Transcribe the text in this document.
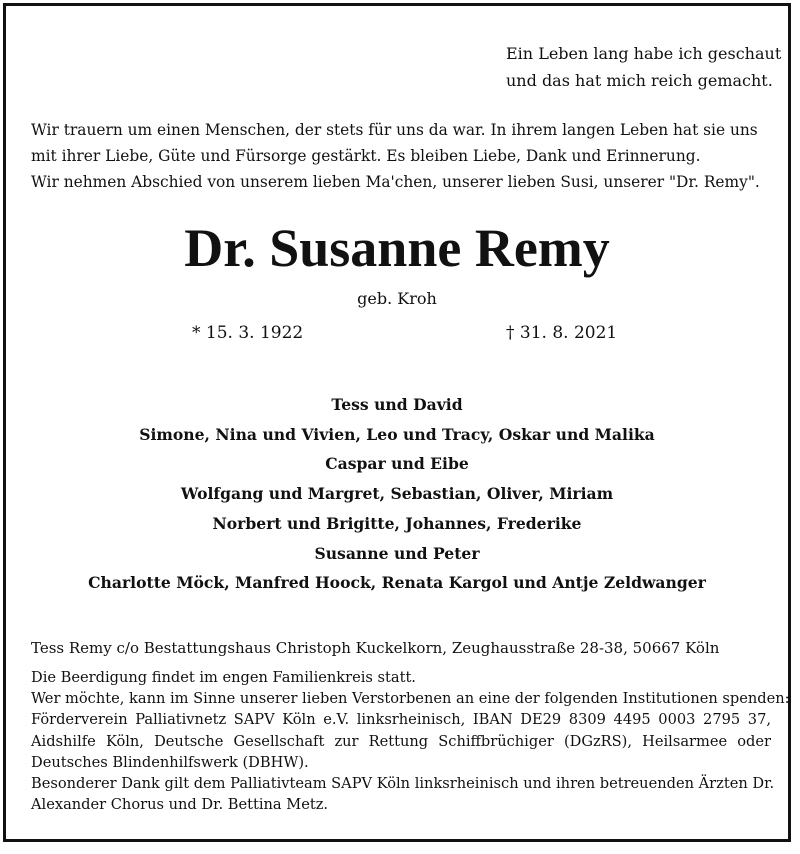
Ein Leben lang habe ich geschaut
und das hat mich reich gemacht.
Wir trauern um einen Menschen, der stets für uns da war. In ihrem langen Leben hat sie uns
mit ihrer Liebe, Güte und Fürsorge gestärkt. Es bleiben Liebe, Dank und Erinnerung.
Wir nehmen Abschied von unserem lieben Ma'chen, unserer lieben Susi, unserer "Dr. Remy".
Dr. Susanne Remy
geb. Kroh
* 15. 3. 1922	† 31. 8. 2021
Tess und David
Simone, Nina und Vivien, Leo und Tracy, Oskar und Malika
Caspar und Eibe
Wolfgang und Margret, Sebastian, Oliver, Miriam
Norbert und Brigitte, Johannes, Frederike
Susanne und Peter
Charlotte Möck, Manfred Hoock, Renata Kargol und Antje Zeldwanger
Tess Remy c/o Bestattungshaus Christoph Kuckelkorn, Zeughausstraße 28-38, 50667 Köln
Die Beerdigung findet im engen Familienkreis statt.
Wer möchte, kann im Sinne unserer lieben Verstorbenen an eine der folgenden Institutionen spenden:
Förderverein Palliativnetz SAPV Köln e.V. linksrheinisch, IBAN DE29 8309 4495 0003 2795 37,
Aidshilfe Köln, Deutsche Gesellschaft zur Rettung Schiffbrüchiger (DGzRS), Heilsarmee oder
Deutsches Blindenhilfswerk (DBHW).
Besonderer Dank gilt dem Palliativteam SAPV Köln linksrheinisch und ihren betreuenden Ärzten Dr.
Alexander Chorus und Dr. Bettina Metz.
